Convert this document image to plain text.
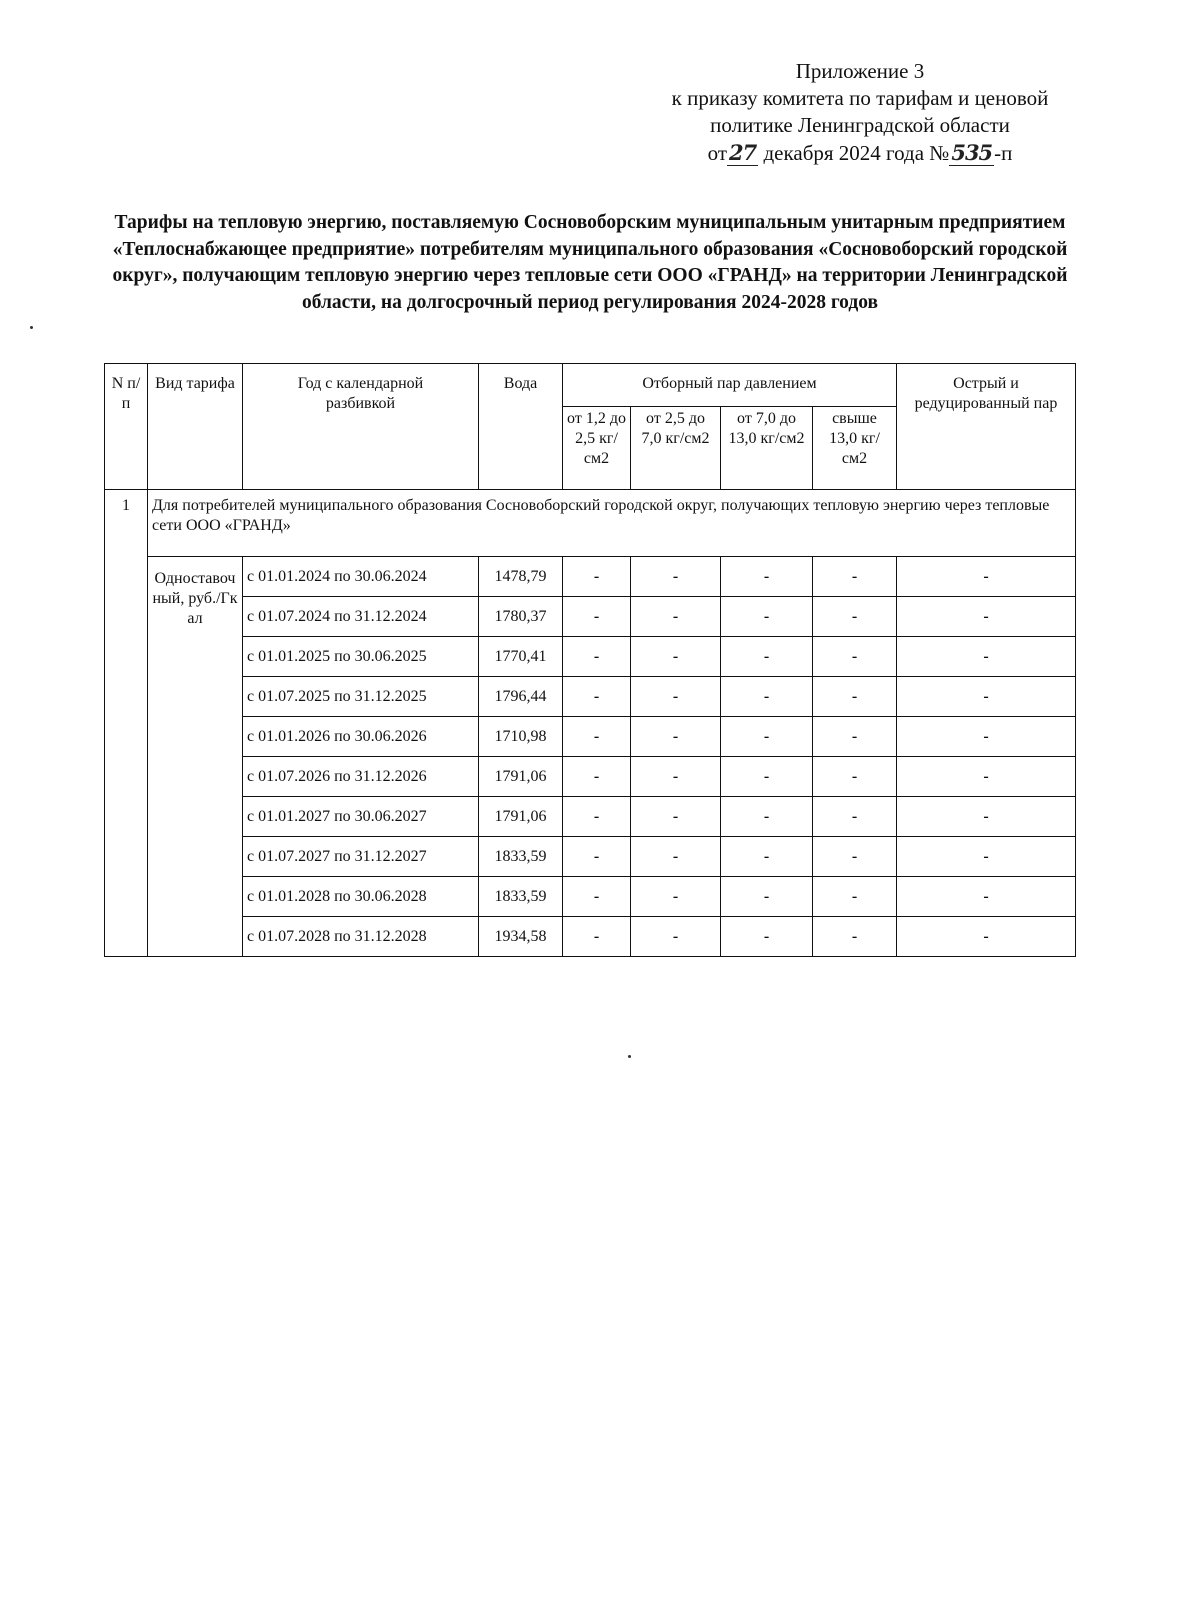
Приложение 3
к приказу комитета по тарифам и ценовой
политике Ленинградской области
от27 декабря 2024 года №535-п
Тарифы на тепловую энергию, поставляемую Сосновоборским муниципальным унитарным предприятием «Теплоснабжающее предприятие» потребителям муниципального образования «Сосновоборский городской округ», получающим тепловую энергию через тепловые сети ООО «ГРАНД» на территории Ленинградской области, на долгосрочный период регулирования 2024-2028 годов
N п/п	Вид тарифа	Год с календарной разбивкой	Вода	Отборный пар давлением				Острый и редуцированный пар
				от 1,2 до 2,5 кг/см2	от 2,5 до 7,0 кг/см2	от 7,0 до 13,0 кг/см2	свыше 13,0 кг/см2	
1	Для потребителей муниципального образования Сосновоборский городской округ, получающих тепловую энергию через тепловые сети ООО «ГРАНД»							
	Одноставочный, руб./Гкал	с 01.01.2024 по 30.06.2024	1478,79	-	-	-	-	-
		с 01.07.2024 по 31.12.2024	1780,37	-	-	-	-	-
		с 01.01.2025 по 30.06.2025	1770,41	-	-	-	-	-
		с 01.07.2025 по 31.12.2025	1796,44	-	-	-	-	-
		с 01.01.2026 по 30.06.2026	1710,98	-	-	-	-	-
		с 01.07.2026 по 31.12.2026	1791,06	-	-	-	-	-
		с 01.01.2027 по 30.06.2027	1791,06	-	-	-	-	-
		с 01.07.2027 по 31.12.2027	1833,59	-	-	-	-	-
		с 01.01.2028 по 30.06.2028	1833,59	-	-	-	-	-
		с 01.07.2028 по 31.12.2028	1934,58	-	-	-	-	-
